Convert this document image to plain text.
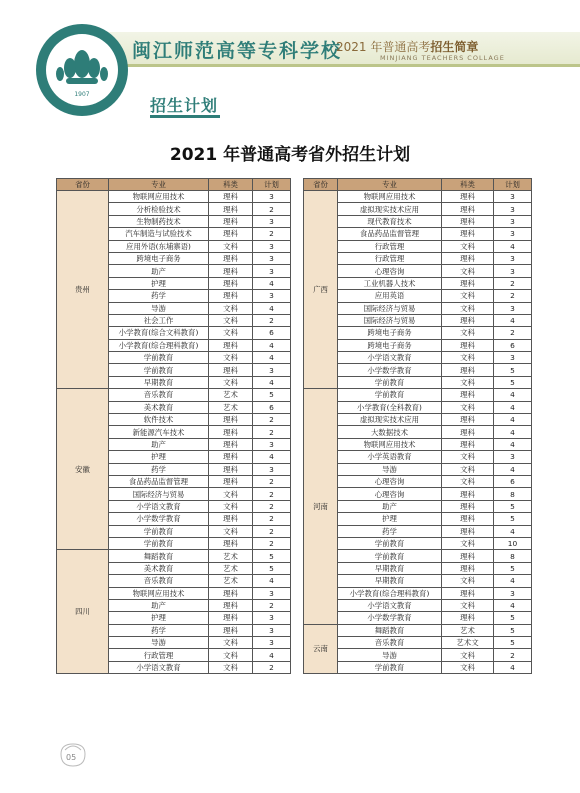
1907
闽江师范高等专科学校
2021 年普通高考招生简章
MINJIANG TEACHERS COLLAGE
招生计划
2021 年普通高考省外招生计划
省份	专业	科类	计划
贵州	物联网应用技术	理科	3
	分析检验技术	理科	2
	生物制药技术	理科	3
	汽车制造与试验技术	理科	2
	应用外语(东埔寨语)	文科	3
	跨境电子商务	理科	3
	助产	理科	3
	护理	理科	4
	药学	理科	3
	导游	文科	4
	社会工作	文科	2
	小学教育(综合文科教育)	文科	6
	小学教育(综合理科教育)	理科	4
	学前教育	文科	4
	学前教育	理科	3
	早期教育	文科	4
安徽	音乐教育	艺术	5
	美术教育	艺术	6
	软件技术	理科	2
	新能源汽车技术	理科	2
	助产	理科	3
	护理	理科	4
	药学	理科	3
	食品药品监督管理	理科	2
	国际经济与贸易	文科	2
	小学语文教育	文科	2
	小学数学教育	理科	2
	学前教育	文科	2
	学前教育	理科	2
四川	舞蹈教育	艺术	5
	美术教育	艺术	5
	音乐教育	艺术	4
	物联网应用技术	理科	3
	助产	理科	2
	护理	理科	3
	药学	理科	3
	导游	文科	3
	行政管理	文科	4
	小学语文教育	文科	2
省份	专业	科类	计划
广西	物联网应用技术	理科	3
	虚拟现实技术应用	理科	3
	现代教育技术	理科	3
	食品药品监督管理	理科	3
	行政管理	文科	4
	行政管理	理科	3
	心理咨询	文科	3
	工业机器人技术	理科	2
	应用英语	文科	2
	国际经济与贸易	文科	3
	国际经济与贸易	理科	4
	跨境电子商务	文科	2
	跨境电子商务	理科	6
	小学语文教育	文科	3
	小学数学教育	理科	5
	学前教育	文科	5
河南	学前教育	理科	4
	小学教育(全科教育)	文科	4
	虚拟现实技术应用	理科	4
	大数据技术	理科	4
	物联网应用技术	理科	4
	小学英语教育	文科	3
	导游	文科	4
	心理咨询	文科	6
	心理咨询	理科	8
	助产	理科	5
	护理	理科	5
	药学	理科	4
	学前教育	文科	10
	学前教育	理科	8
	早期教育	理科	5
	早期教育	文科	4
	小学教育(综合理科教育)	理科	3
	小学语文教育	文科	4
	小学数学教育	理科	5
云南	舞蹈教育	艺术	5
	音乐教育	艺术文	5
	导游	文科	2
	学前教育	文科	4
05
